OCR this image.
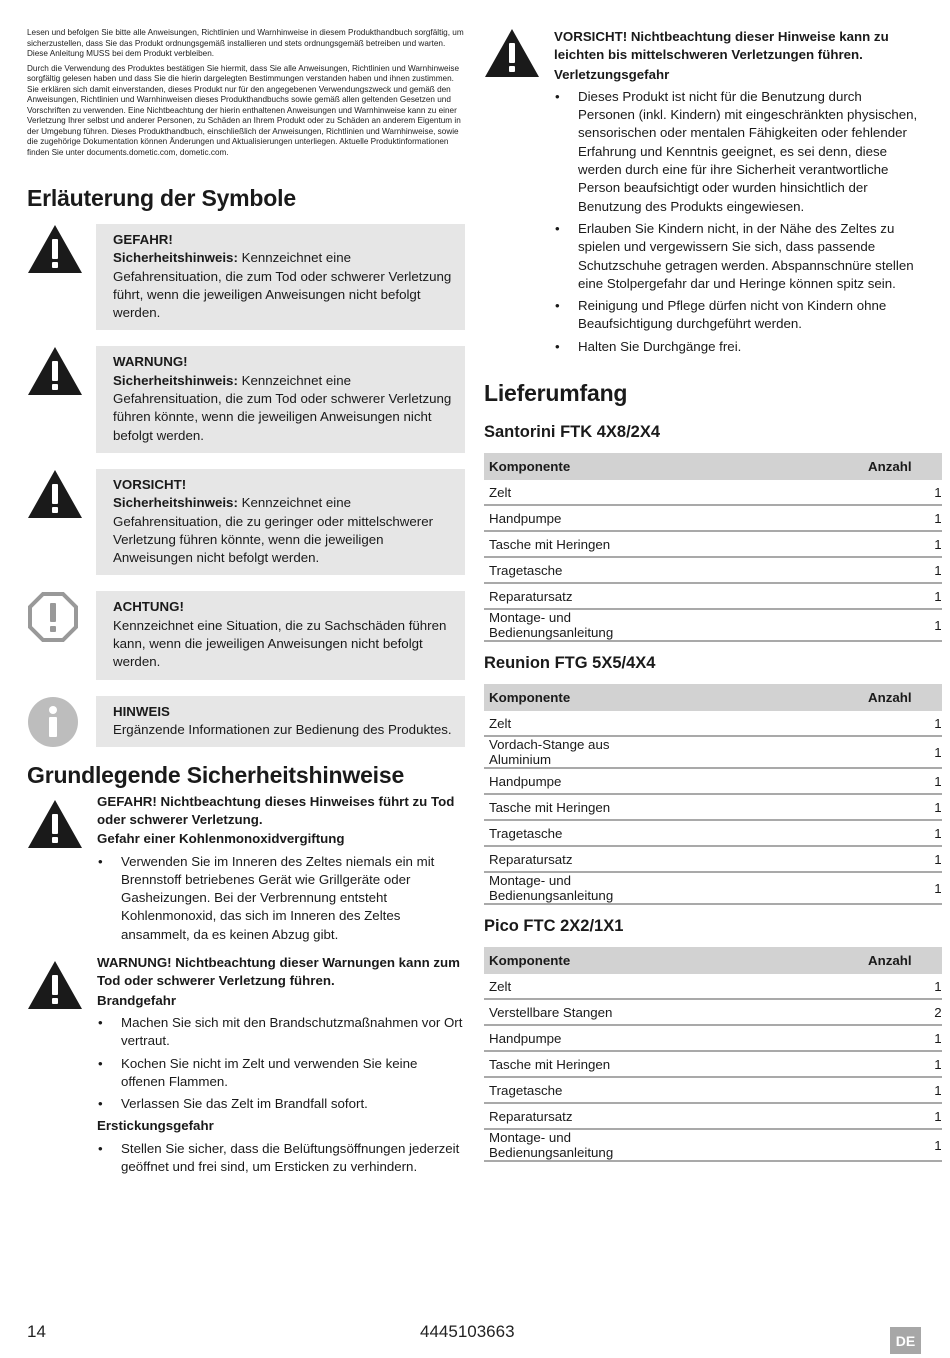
Lesen und befolgen Sie bitte alle Anweisungen, Richtlinien und Warnhinweise in diesem Produkthandbuch sorgfältig, um sicherzustellen, dass Sie das Produkt ordnungsgemäß installieren und stets ordnungsgemäß betreiben und warten. Diese Anleitung MUSS bei dem Produkt verbleiben.

Durch die Verwendung des Produktes bestätigen Sie hiermit, dass Sie alle Anweisungen, Richtlinien und Warnhinweise sorgfältig gelesen haben und dass Sie die hierin dargelegten Bestimmungen verstanden haben und ihnen zustimmen. Sie erklären sich damit einverstanden, dieses Produkt nur für den angegebenen Verwendungszweck und gemäß den Anweisungen, Richtlinien und Warnhinweisen dieses Produkthandbuchs sowie gemäß allen geltenden Gesetzen und Vorschriften zu verwenden. Eine Nichtbeachtung der hierin enthaltenen Anweisungen und Warnhinweise kann zu einer Verletzung Ihrer selbst und anderer Personen, zu Schäden an Ihrem Produkt oder zu Schäden an anderem Eigentum in der Umgebung führen. Dieses Produkthandbuch, einschließlich der Anweisungen, Richtlinien und Warnhinweise, sowie die zugehörige Dokumentation können Änderungen und Aktualisierungen unterliegen. Aktuelle Produktinformationen finden Sie unter documents.dometic.com, dometic.com.

Erläuterung der Symbole
GEFAHR!
Sicherheitshinweis: Kennzeichnet eine Gefahrensituation, die zum Tod oder schwerer Verletzung führt, wenn die jeweiligen Anweisungen nicht befolgt werden.
WARNUNG!
Sicherheitshinweis: Kennzeichnet eine Gefahrensituation, die zum Tod oder schwerer Verletzung führen könnte, wenn die jeweiligen Anweisungen nicht befolgt werden.
VORSICHT!
Sicherheitshinweis: Kennzeichnet eine Gefahrensituation, die zu geringer oder mittelschwerer Verletzung führen könnte, wenn die jeweiligen Anweisungen nicht befolgt werden.
ACHTUNG!
Kennzeichnet eine Situation, die zu Sachschäden führen kann, wenn die jeweiligen Anweisungen nicht befolgt werden.
HINWEIS
Ergänzende Informationen zur Bedienung des Produktes.
Grundlegende Sicherheitshinweise
GEFAHR! Nichtbeachtung dieses Hinweises führt zu Tod oder schwerer Verletzung.
Gefahr einer Kohlenmonoxidvergiftung
• Verwenden Sie im Inneren des Zeltes niemals ein mit Brennstoff betriebenes Gerät wie Grillgeräte oder Gasheizungen. Bei der Verbrennung entsteht Kohlenmonoxid, das sich im Inneren des Zeltes ansammelt, da es keinen Abzug gibt.
WARNUNG! Nichtbeachtung dieser Warnungen kann zum Tod oder schwerer Verletzung führen.
Brandgefahr
• Machen Sie sich mit den Brandschutzmaßnahmen vor Ort vertraut.
• Kochen Sie nicht im Zelt und verwenden Sie keine offenen Flammen.
• Verlassen Sie das Zelt im Brandfall sofort.
Erstickungsgefahr
• Stellen Sie sicher, dass die Belüftungsöffnungen jederzeit geöffnet und frei sind, um Ersticken zu verhindern.
VORSICHT! Nichtbeachtung dieser Hinweise kann zu leichten bis mittelschweren Verletzungen führen.
Verletzungsgefahr
• Dieses Produkt ist nicht für die Benutzung durch Personen (inkl. Kindern) mit eingeschränkten physischen, sensorischen oder mentalen Fähigkeiten oder fehlender Erfahrung und Kenntnis geeignet, es sei denn, diese werden durch eine für ihre Sicherheit verantwortliche Person beaufsichtigt oder wurden hinsichtlich der Benutzung des Produkts eingewiesen.
• Erlauben Sie Kindern nicht, in der Nähe des Zeltes zu spielen und vergewissern Sie sich, dass passende Schutzschuhe getragen werden. Abspannschnüre stellen eine Stolpergefahr dar und Heringe können spitz sein.
• Reinigung und Pflege dürfen nicht von Kindern ohne Beaufsichtigung durchgeführt werden.
• Halten Sie Durchgänge frei.
Lieferumfang
Santorini FTK 4X8/2X4
Komponente	Anzahl
Zelt	1
Handpumpe	1
Tasche mit Heringen	1
Tragetasche	1
Reparatursatz	1
Montage- und Bedienungsanleitung	1
Reunion FTG 5X5/4X4
Komponente	Anzahl
Zelt	1
Vordach-Stange aus Aluminium	1
Handpumpe	1
Tasche mit Heringen	1
Tragetasche	1
Reparatursatz	1
Montage- und Bedienungsanleitung	1
Pico FTC 2X2/1X1
Komponente	Anzahl
Zelt	1
Verstellbare Stangen	2
Handpumpe	1
Tasche mit Heringen	1
Tragetasche	1
Reparatursatz	1
Montage- und Bedienungsanleitung	1
14	4445103663	DE
